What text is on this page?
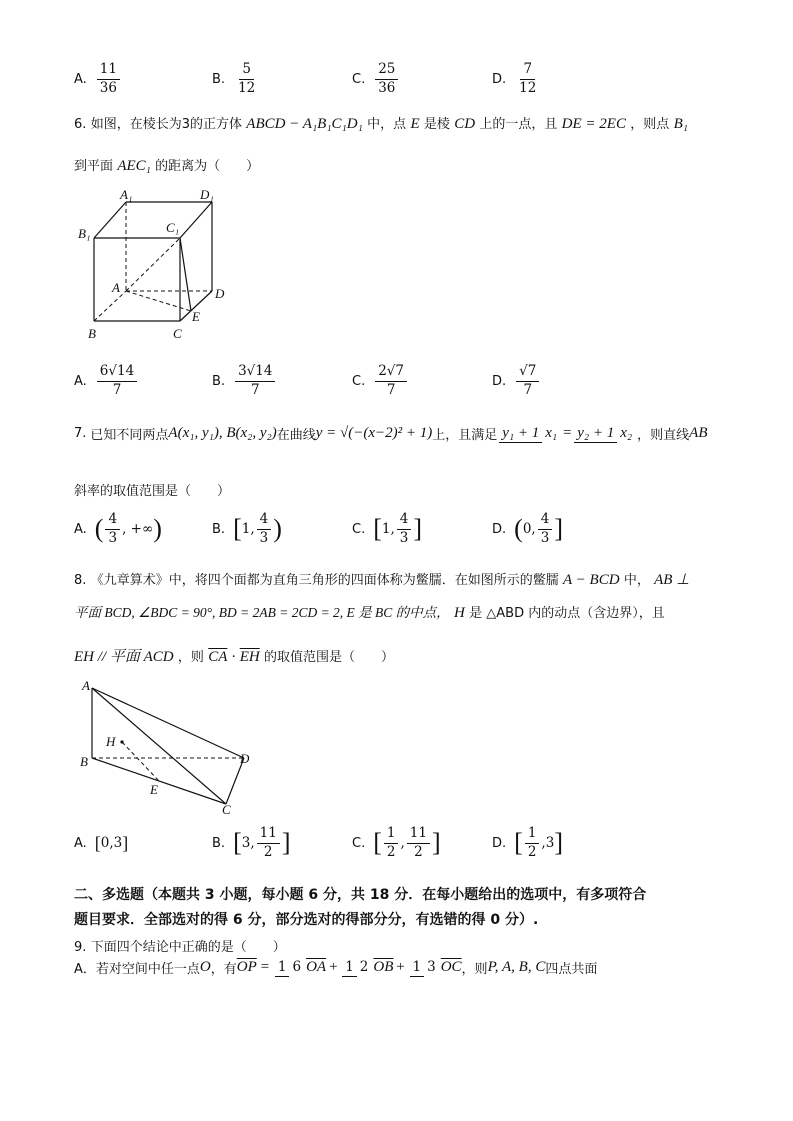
A. $\frac{11}{36}$	B. $\frac{5}{12}$	C. $\frac{25}{36}$	D. $\frac{7}{12}$
6. 如图，在棱长为3的正方体 ABCD − A₁B₁C₁D₁ 中，点 E 是棱 CD 上的一点，且 DE = 2EC ，则点 B₁
到平面 AEC₁ 的距离为（　　）
A₁	D₁
B₁	C₁
A	D
E
B	C
A. $\frac{6√14}{7}$	B. $\frac{3√14}{7}$	C. $\frac{2√7}{7}$	D. $\frac{√7}{7}$
7. 已知不同两点 A(x₁, y₁), B(x₂, y₂) 在曲线 y = √(−(x−2)² + 1) 上，且满足 y₁ + 1 x₁ = y₂ + 1 x₂ ，则直线 AB
斜率的取值范围是（　　）
A. ( $\frac{4}{3}$ , +∞ )	B. [ 1, $\frac{4}{3}$ )	C. [ 1, $\frac{4}{3}$ ]	D. ( 0, $\frac{4}{3}$ ]
8. 《九章算术》中，将四个面都为直角三角形的四面体称为鳖臑．在如图所示的鳖臑 A − BCD 中， AB ⊥
平面 BCD, ∠BDC = 90°, BD = 2AB = 2CD = 2, E 是 BC 的中点， H 是 △ABD 内的动点（含边界），且
EH // 平面 ACD ，则 $\overline{CA} \cdot \overline{EH}$ 的取值范围是（　　）
A
H
B	D
E
C
A. [ 0,3 ]	B. [ 3, $\frac{11}{2}$ ]	C. [ $\frac{1}{2}$ , $\frac{11}{2}$ ]	D. [ $\frac{1}{2} ,3$ ]
二、多选题（本题共 3 小题，每小题 6 分，共 18 分．在每小题给出的选项中，有多项符合
题目要求．全部选对的得 6 分，部分选对的得部分分，有选错的得 0 分）.
9. 下面四个结论中正确的是（　　）
A．若对空间中任一点 O ，有 $\overline{OP} = 1$ 6 $\overline{OA} + 1$ 2 $\overline{OB} + 1$ 3 $\overline{OC}$ ，则 P, A, B, C 四点共面
